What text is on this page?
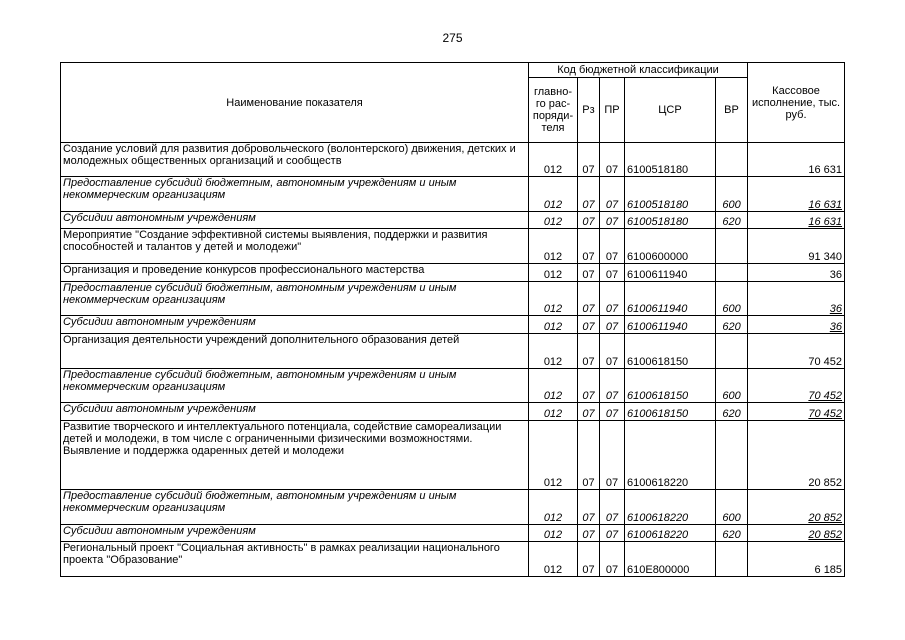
275
Наименование показателя	Код бюджетной классификации					Кассовое исполнение, тыс. руб.
	главно-го рас-поряди-теля	Рз	ПР	ЦСР	ВР	
Создание условий для развития добровольческого (волонтерского) движения, детских и молодежных общественных организаций и сообществ	012	07	07	6100518180		16 631
Предоставление субсидий бюджетным, автономным учреждениям и иным некоммерческим организациям	012	07	07	6100518180	600	16 631
Субсидии автономным учреждениям	012	07	07	6100518180	620	16 631
Мероприятие "Создание эффективной системы выявления, поддержки и развития способностей и талантов у детей и молодежи"	012	07	07	6100600000		91 340
Организация и проведение конкурсов профессионального мастерства	012	07	07	6100611940		36
Предоставление субсидий бюджетным, автономным учреждениям и иным некоммерческим организациям	012	07	07	6100611940	600	36
Субсидии автономным учреждениям	012	07	07	6100611940	620	36
Организация деятельности учреждений дополнительного образования детей	012	07	07	6100618150		70 452
Предоставление субсидий бюджетным, автономным учреждениям и иным некоммерческим организациям	012	07	07	6100618150	600	70 452
Субсидии автономным учреждениям	012	07	07	6100618150	620	70 452
Развитие творческого и интеллектуального потенциала, содействие самореализации детей и молодежи, в том числе с ограниченными физическими возможностями. Выявление и поддержка одаренных детей и молодежи	012	07	07	6100618220		20 852
Предоставление субсидий бюджетным, автономным учреждениям и иным некоммерческим организациям	012	07	07	6100618220	600	20 852
Субсидии автономным учреждениям	012	07	07	6100618220	620	20 852
Региональный проект "Социальная активность" в рамках реализации национального проекта "Образование"	012	07	07	610E800000		6 185
